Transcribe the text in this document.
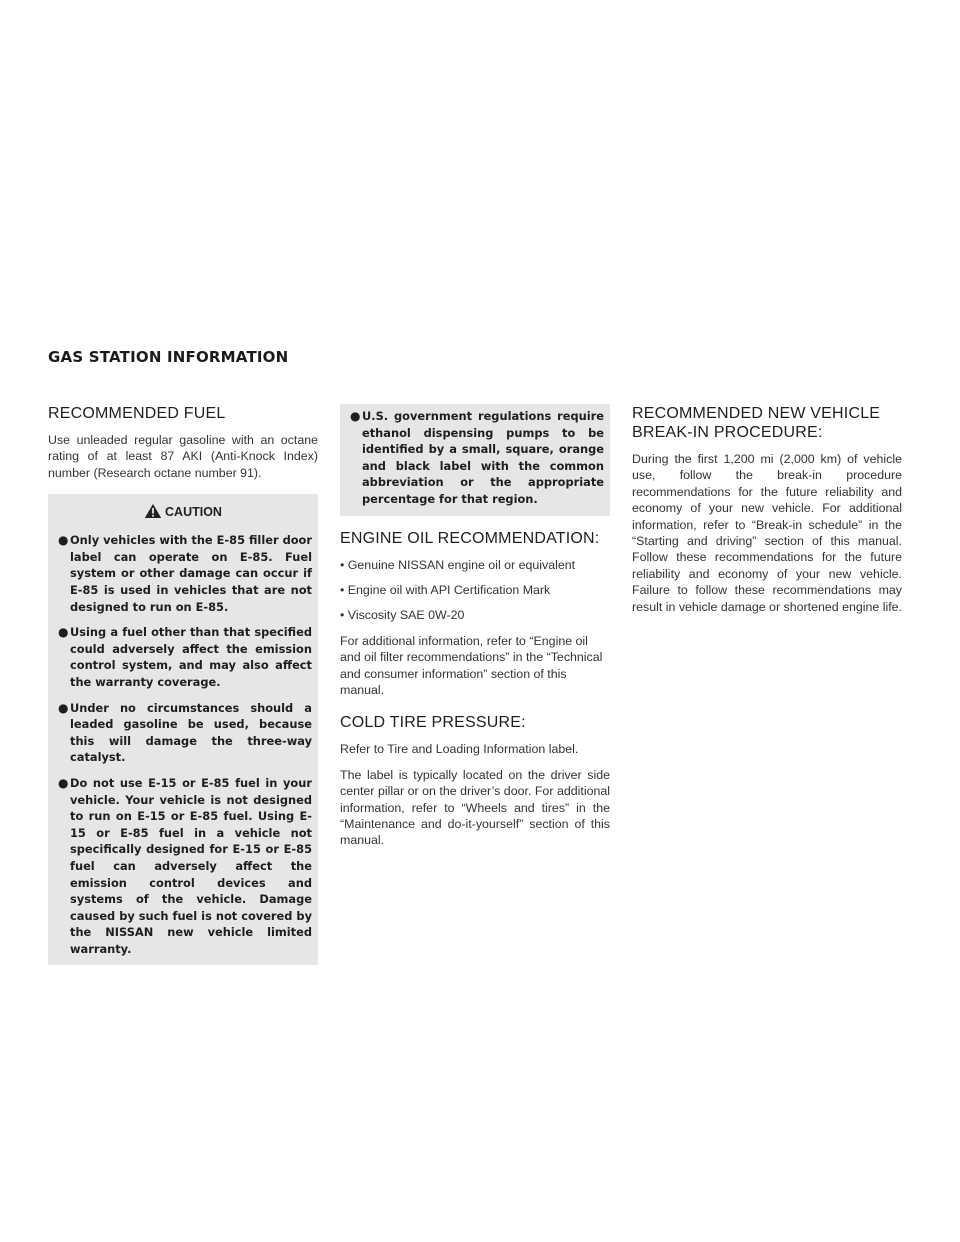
GAS STATION INFORMATION
RECOMMENDED FUEL

Use unleaded regular gasoline with an octane rating of at least 87 AKI (Anti-Knock Index) number (Research octane number 91).

CAUTION
● Only vehicles with the E-85 filler door label can operate on E-85. Fuel system or other damage can occur if E-85 is used in vehicles that are not designed to run on E-85.
● Using a fuel other than that specified could adversely affect the emission control system, and may also affect the warranty coverage.
● Under no circumstances should a leaded gasoline be used, because this will damage the three-way catalyst.
● Do not use E-15 or E-85 fuel in your vehicle. Your vehicle is not designed to run on E-15 or E-85 fuel. Using E-15 or E-85 fuel in a vehicle not specifically designed for E-15 or E-85 fuel can adversely affect the emission control devices and systems of the vehicle. Damage caused by such fuel is not covered by the NISSAN new vehicle limited warranty.
● U.S. government regulations require ethanol dispensing pumps to be identified by a small, square, orange and black label with the common abbreviation or the appropriate percentage for that region.
ENGINE OIL RECOMMENDATION:

• Genuine NISSAN engine oil or equivalent

• Engine oil with API Certification Mark

• Viscosity SAE 0W-20

For additional information, refer to “Engine oil and oil filter recommendations” in the “Technical and consumer information” section of this manual.

COLD TIRE PRESSURE:

Refer to Tire and Loading Information label.

The label is typically located on the driver side center pillar or on the driver’s door. For additional information, refer to “Wheels and tires” in the “Maintenance and do-it-yourself” section of this manual.

RECOMMENDED NEW VEHICLE
BREAK-IN PROCEDURE:

During the first 1,200 mi (2,000 km) of vehicle use, follow the break-in procedure recommendations for the future reliability and economy of your new vehicle. For additional information, refer to “Break-in schedule” in the “Starting and driving” section of this manual. Follow these recommendations for the future reliability and economy of your new vehicle. Failure to follow these recommendations may result in vehicle damage or shortened engine life.
